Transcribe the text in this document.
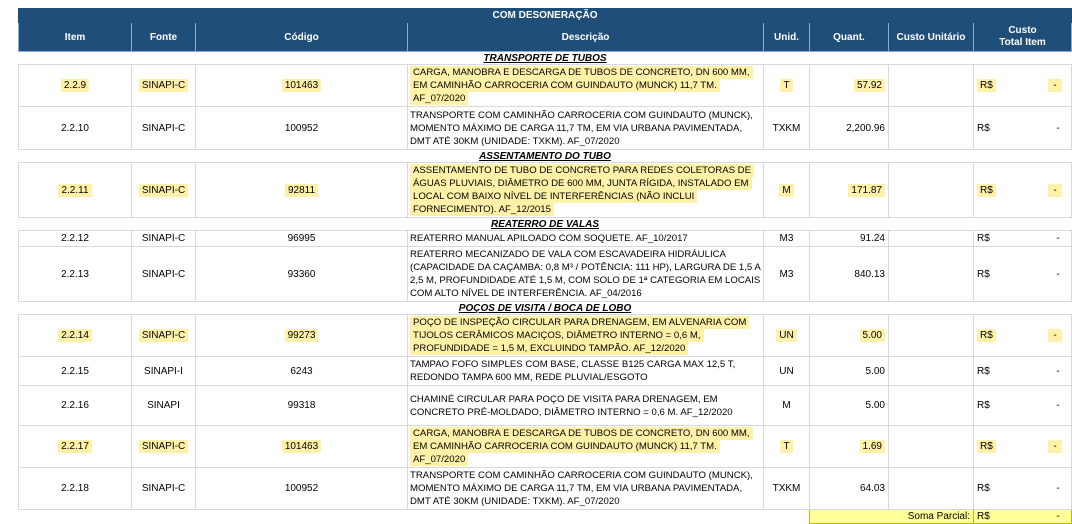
COM DESONERAÇÃO							
Item	Fonte	Código	Descrição	Unid.	Quant.	Custo Unitário	Custo
Total Item

TRANSPORTE DE TUBOS							
2.2.9	SINAPI-C	101463	CARGA, MANOBRA E DESCARGA DE TUBOS DE CONCRETO, DN 600 MM, EM CAMINHÃO CARROCERIA COM GUINDAUTO (MUNCK) 11,7 TM. AF_07/2020	T	57.92		R$ -

2.2.10	SINAPI-C	100952	TRANSPORTE COM CAMINHÃO CARROCERIA COM GUINDAUTO (MUNCK), MOMENTO MÁXIMO DE CARGA 11,7 TM, EM VIA URBANA PAVIMENTADA, DMT ATÉ 30KM (UNIDADE: TXKM). AF_07/2020	TXKM	2,200.96		R$ -

ASSENTAMENTO DO TUBO							
2.2.11	SINAPI-C	92811	ASSENTAMENTO DE TUBO DE CONCRETO PARA REDES COLETORAS DE ÁGUAS PLUVIAIS, DIÂMETRO DE 600 MM, JUNTA RÍGIDA, INSTALADO EM LOCAL COM BAIXO NÍVEL DE INTERFERÊNCIAS (NÃO INCLUI FORNECIMENTO). AF_12/2015	M	171.87		R$ -

REATERRO DE VALAS							
2.2.12	SINAPI-C	96995	REATERRO MANUAL APILOADO COM SOQUETE. AF_10/2017	M3	91.24		R$ -

2.2.13	SINAPI-C	93360	REATERRO MECANIZADO DE VALA COM ESCAVADEIRA HIDRÁULICA (CAPACIDADE DA CAÇAMBA: 0,8 M³ / POTÊNCIA: 111 HP), LARGURA DE 1,5 A 2,5 M, PROFUNDIDADE ATÉ 1,5 M, COM SOLO DE 1ª CATEGORIA EM LOCAIS COM ALTO NÍVEL DE INTERFERÊNCIA. AF_04/2016	M3	840.13		R$ -

POÇOS DE VISITA / BOCA DE LOBO							
2.2.14	SINAPI-C	99273	POÇO DE INSPEÇÃO CIRCULAR PARA DRENAGEM, EM ALVENARIA COM TIJOLOS CERÂMICOS MACIÇOS, DIÂMETRO INTERNO = 0,6 M, PROFUNDIDADE = 1,5 M, EXCLUINDO TAMPÃO. AF_12/2020	UN	5.00		R$ -

2.2.15	SINAPI-I	6243	TAMPAO FOFO SIMPLES COM BASE, CLASSE B125 CARGA MAX 12,5 T, REDONDO TAMPA 600 MM, REDE PLUVIAL/ESGOTO	UN	5.00		R$ -

2.2.16	SINAPI	99318	CHAMINÉ CIRCULAR PARA POÇO DE VISITA PARA DRENAGEM, EM CONCRETO PRÉ-MOLDADO, DIÂMETRO INTERNO = 0,6 M. AF_12/2020	M	5.00		R$ -

2.2.17	SINAPI-C	101463	CARGA, MANOBRA E DESCARGA DE TUBOS DE CONCRETO, DN 600 MM, EM CAMINHÃO CARROCERIA COM GUINDAUTO (MUNCK) 11,7 TM. AF_07/2020	T	1.69		R$ -

2.2.18	SINAPI-C	100952	TRANSPORTE COM CAMINHÃO CARROCERIA COM GUINDAUTO (MUNCK), MOMENTO MÁXIMO DE CARGA 11,7 TM, EM VIA URBANA PAVIMENTADA, DMT ATÉ 30KM (UNIDADE: TXKM). AF_07/2020	TXKM	64.03		R$ -

					Soma Parcial:		R$ -
